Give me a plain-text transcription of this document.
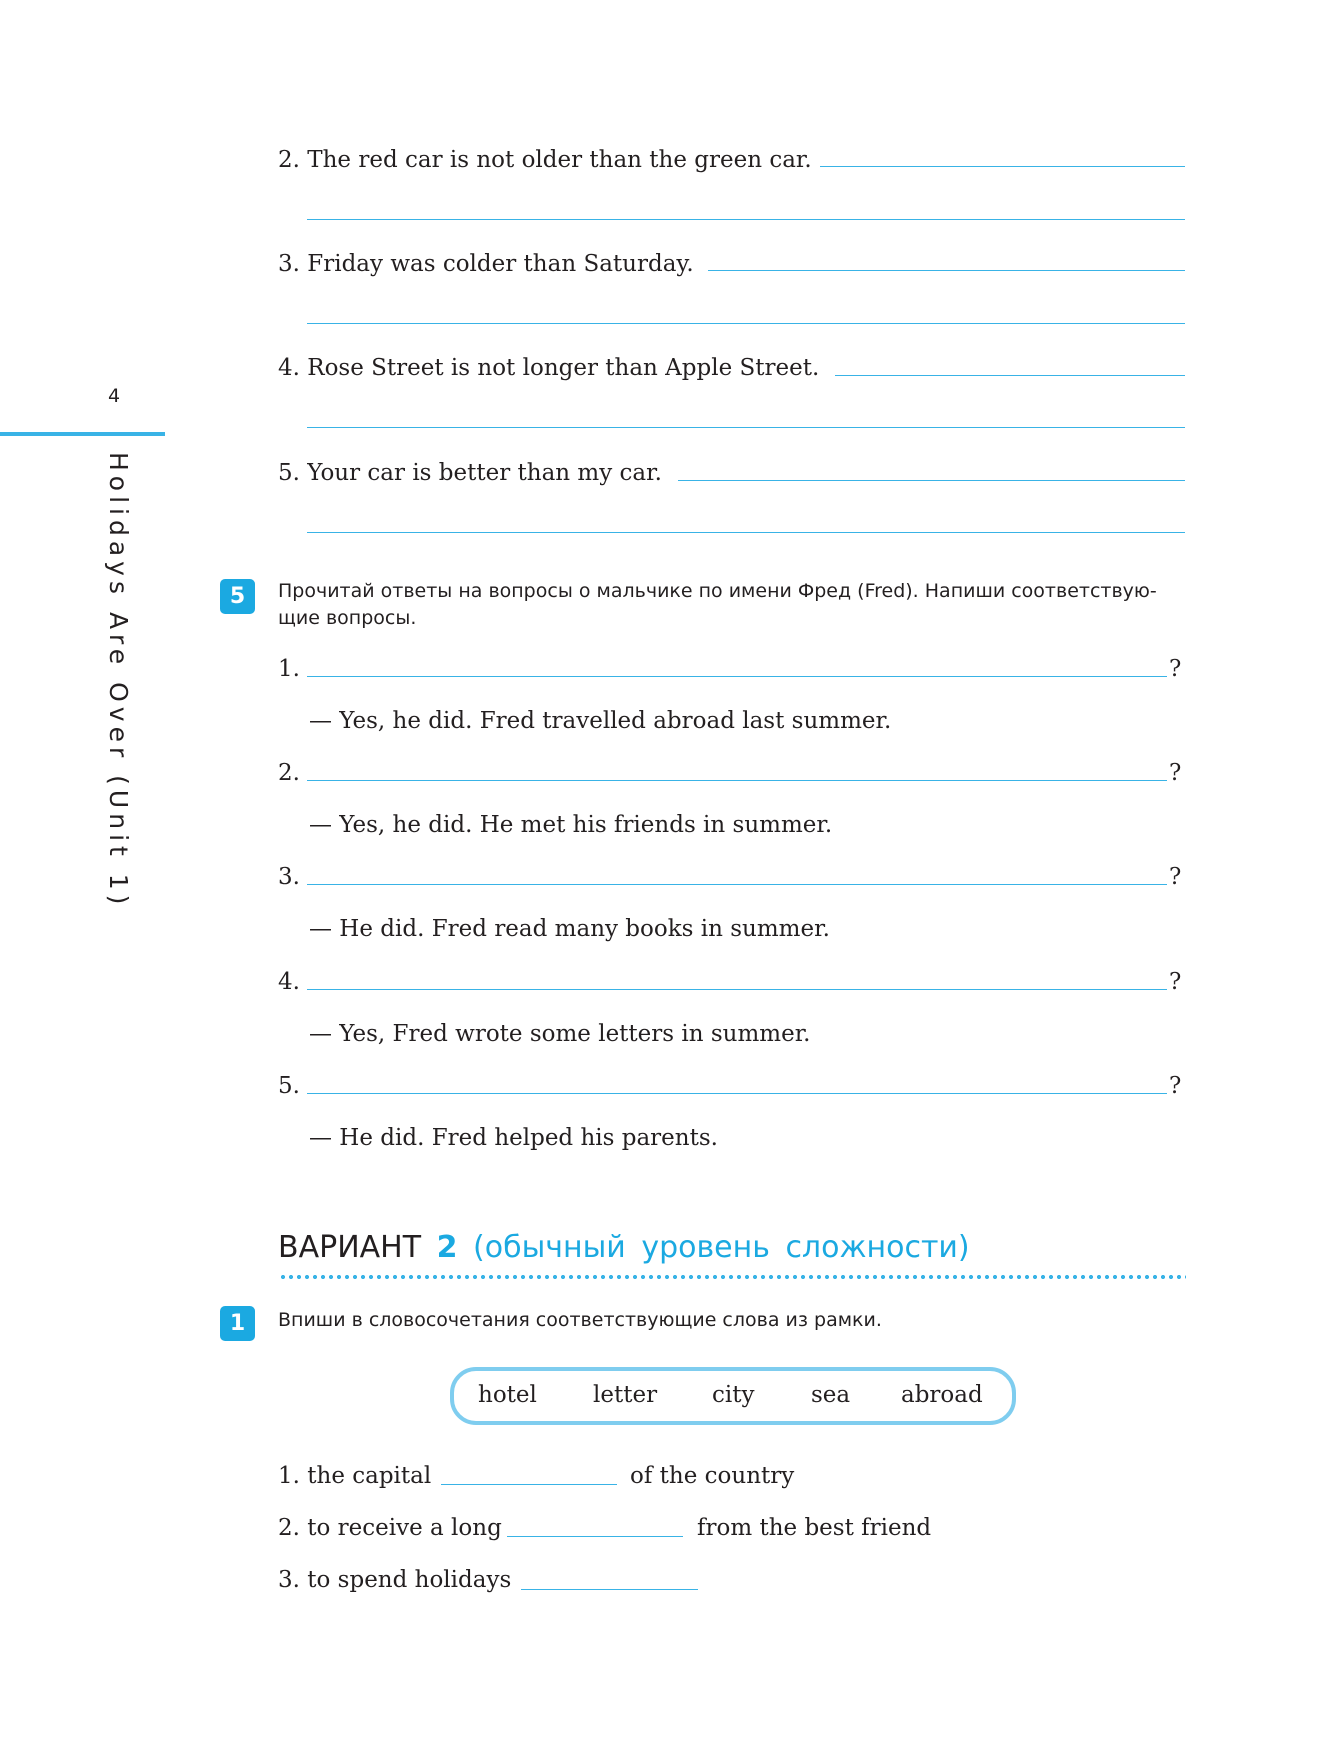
4
Holidays Are Over (Unit 1)
2. The red car is not older than the green car.
3. Friday was colder than Saturday.
4. Rose Street is not longer than Apple Street.
5. Your car is better than my car.
5	Прочитай ответы на вопросы о мальчике по имени Фред (Fred). Напиши соответствую-щие вопросы.
1.	?
— Yes, he did. Fred travelled abroad last summer.
2.	?
— Yes, he did. He met his friends in summer.
3.	?
— He did. Fred read many books in summer.
4.	?
— Yes, Fred wrote some letters in summer.
5.	?
— He did. Fred helped his parents.
ВАРИАНТ 2 (обычный уровень сложности)
1	Впиши в словосочетания соответствующие слова из рамки.
hotel letter city sea abroad
1. the capital	of the country
2. to receive a long	from the best friend
3. to spend holidays
